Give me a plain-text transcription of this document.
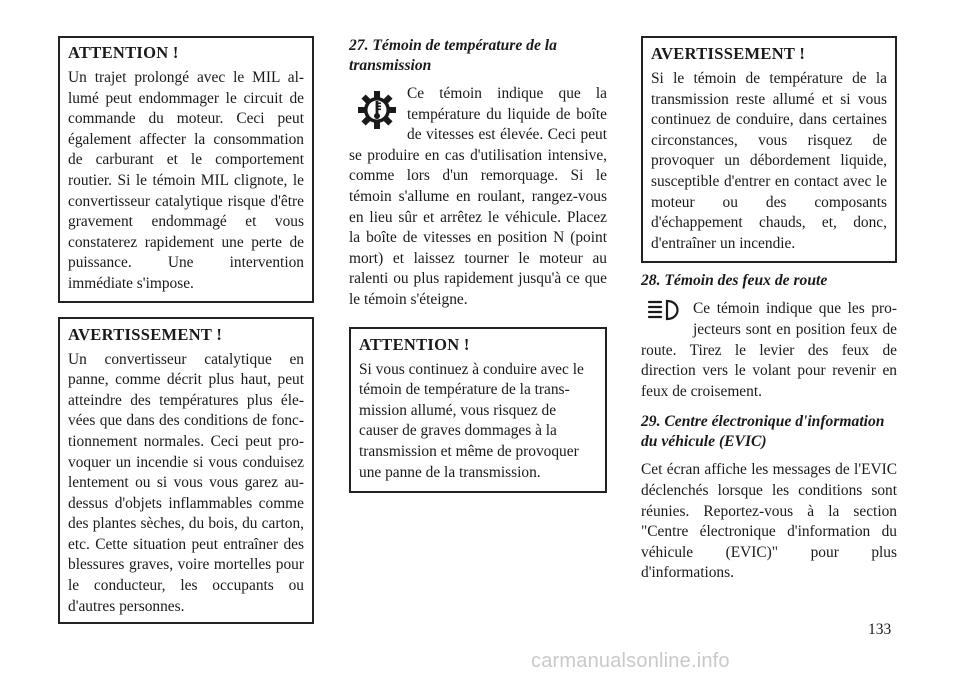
ATTENTION !

Un trajet prolongé avec le MIL allumé peut endommager le circuit de commande du moteur. Ceci peut également affecter la consommation de carburant et le comportement routier. Si le témoin MIL clignote, le convertisseur catalytique risque d'être gravement endommagé et vous constaterez rapidement une perte de puissance. Une intervention immédiate s'impose.

AVERTISSEMENT !

Un convertisseur catalytique en panne, comme décrit plus haut, peut atteindre des températures plus élevées que dans des conditions de fonctionnement normales. Ceci peut provoquer un incendie si vous conduisez lentement ou si vous vous garez au-dessus d'objets inflammables comme des plantes sèches, du bois, du carton, etc. Cette situation peut entraîner des blessures graves, voire mortelles pour le conducteur, les occupants ou d'autres personnes.

27. Témoin de température de la transmission

Ce témoin indique que la température du liquide de boîte de vitesses est élevée. Ceci peut se produire en cas d'utilisation intensive, comme lors d'un remorquage. Si le témoin s'allume en roulant, rangez-vous en lieu sûr et arrêtez le véhicule. Placez la boîte de vitesses en position N (point mort) et laissez tourner le moteur au ralenti ou plus rapidement jusqu'à ce que le témoin s'éteigne.

ATTENTION !

Si vous continuez à conduire avec le témoin de température de la transmission allumé, vous risquez de causer de graves dommages à la transmission et même de provoquer une panne de la transmission.

AVERTISSEMENT !

Si le témoin de température de la transmission reste allumé et si vous continuez de conduire, dans certaines circonstances, vous risquez de provoquer un débordement liquide, susceptible d'entrer en contact avec le moteur ou des composants d'échappement chauds, et, donc, d'entraîner un incendie.

28. Témoin des feux de route

Ce témoin indique que les projecteurs sont en position feux de route. Tirez le levier des feux de direction vers le volant pour revenir en feux de croisement.

29. Centre électronique d'information du véhicule (EVIC)

Cet écran affiche les messages de l'EVIC déclenchés lorsque les conditions sont réunies. Reportez-vous à la section "Centre électronique d'information du véhicule (EVIC)" pour plus d'informations.

133
carmanualsonline.info
